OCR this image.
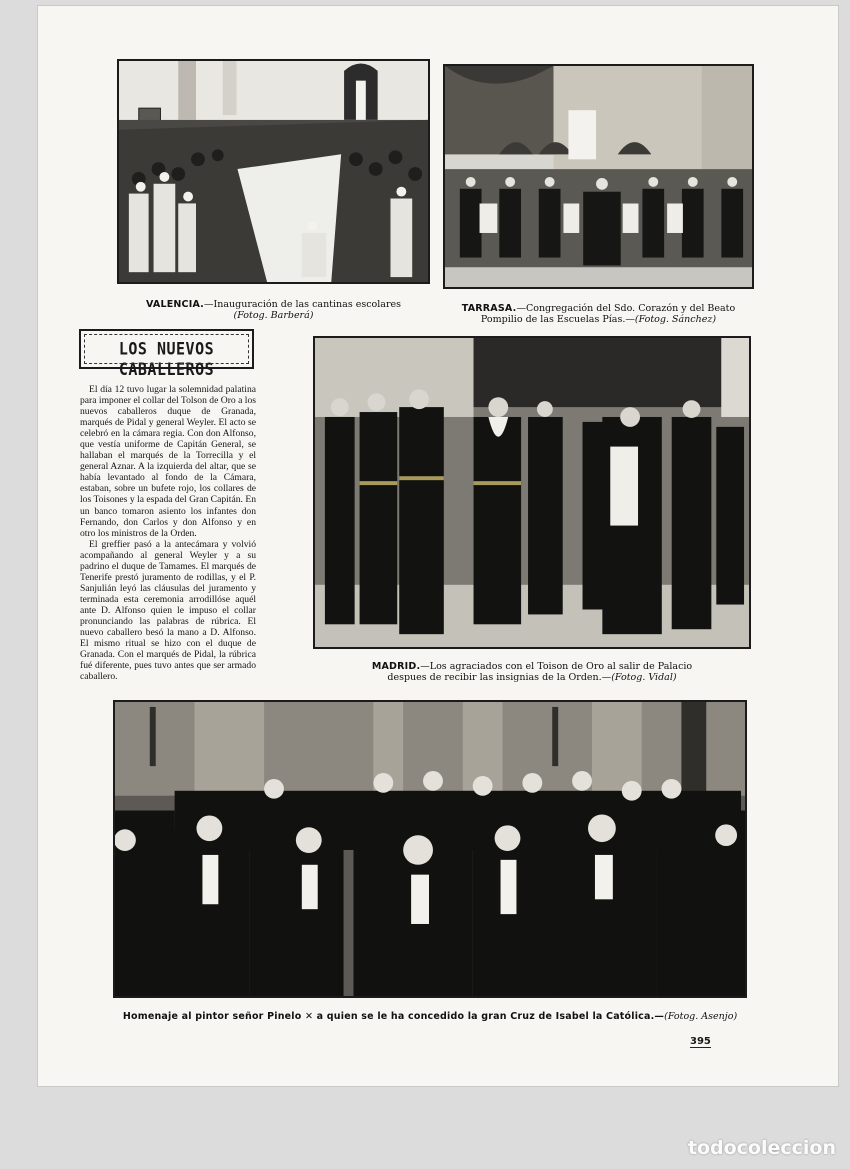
VALENCIA.—Inauguración de las cantinas escolares
(Fotog. Barberá)
TARRASA.—Congregación del Sdo. Corazón y del Beato
Pompilio de las Escuelas Pías.—(Fotog. Sánchez)
LOS NUEVOS CABALLEROS

El día 12 tuvo lugar la solemnidad palatina para imponer el collar del Tolson de Oro a los nuevos caballeros duque de Granada, marqués de Pidal y general Weyler. El acto se celebró en la cámara regia. Con don Alfonso, que vestía uniforme de Capitán General, se hallaban el marqués de la Torrecilla y el general Aznar. A la izquierda del altar, que se había levantado al fondo de la Cámara, estaban, sobre un bufete rojo, los collares de los Toisones y la espada del Gran Capitán. En un banco tomaron asiento los infantes don Fernando, don Carlos y don Alfonso y en otro los ministros de la Orden.

El greffier pasó a la antecámara y volvió acompañando al general Weyler y a su padrino el duque de Tamames. El marqués de Tenerife prestó juramento de rodillas, y el P. Sanjulián leyó las cláusulas del juramento y terminada esta ceremonia arrodillóse aquél ante D. Alfonso quien le impuso el collar pronunciando las palabras de rúbrica. El nuevo caballero besó la mano a D. Alfonso. El mismo ritual se hizo con el duque de Granada. Con el marqués de Pidal, la rúbrica fué diferente, pues tuvo antes que ser armado caballero.

MADRID.—Los agraciados con el Toison de Oro al salir de Palacio
despues de recibir las insignias de la Orden.—(Fotog. Vidal)
Homenaje al pintor señor Pinelo ✕ a quien se le ha concedido la gran Cruz de Isabel la Católica.—(Fotog. Asenjo)
395
todocoleccion
